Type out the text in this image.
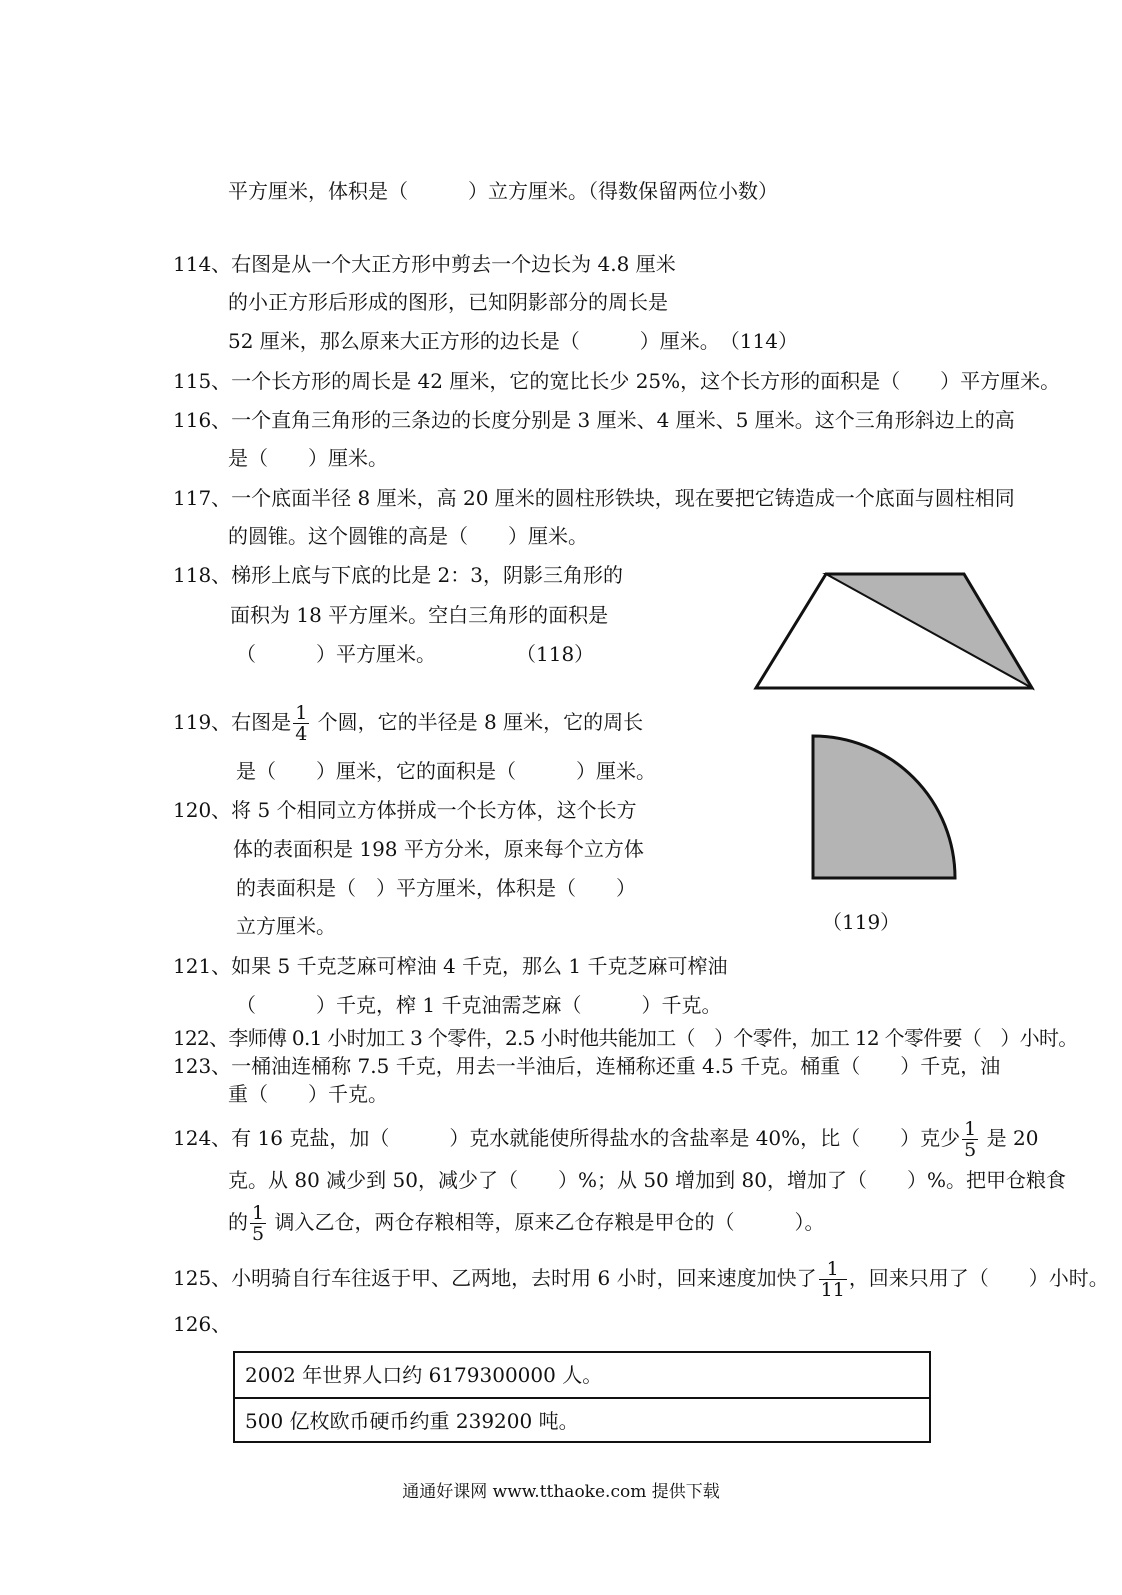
平方厘米，体积是（　　　）立方厘米。（得数保留两位小数）
114、右图是从一个大正方形中剪去一个边长为 4.8 厘米
的小正方形后形成的图形，已知阴影部分的周长是
52 厘米，那么原来大正方形的边长是（　　　）厘米。　（114）
115、一个长方形的周长是 42 厘米，它的宽比长少 25%，这个长方形的面积是（　　）平方厘米。
116、一个直角三角形的三条边的长度分别是 3 厘米、4 厘米、5 厘米。这个三角形斜边上的高
是（　　）厘米。
117、一个底面半径 8 厘米，高 20 厘米的圆柱形铁块，现在要把它铸造成一个底面与圆柱相同
的圆锥。这个圆锥的高是（　　）厘米。
118、梯形上底与下底的比是 2：3，阴影三角形的
面积为 18 平方厘米。空白三角形的面积是
（　　　）平方厘米。　　　　　（118）
119、右图是 $\frac{1}{4}$ 个圆，它的半径是 8 厘米，它的周长
是（　　）厘米，它的面积是（　　　）厘米。
120、将 5 个相同立方体拼成一个长方体，这个长方
体的表面积是 198 平方分米，原来每个立方体
的表面积是（　）平方厘米，体积是（　　）
立方厘米。	（119）
121、如果 5 千克芝麻可榨油 4 千克，那么 1 千克芝麻可榨油
（　　　）千克，榨 1 千克油需芝麻（　　　）千克。
122、李师傅 0.1 小时加工 3 个零件，2.5 小时他共能加工（　）个零件，加工 12 个零件要（　）小时。
123、一桶油连桶称 7.5 千克，用去一半油后，连桶称还重 4.5 千克。桶重（　　）千克，油
重（　　）千克。
124、有 16 克盐，加（　　　）克水就能使所得盐水的含盐率是 40%，比（　　）克少 $\frac{1}{5}$ 是 20
克。从 80 减少到 50，减少了（　　）%；从 50 增加到 80，增加了（　　）%。把甲仓粮食
的 $\frac{1}{5}$ 调入乙仓，两仓存粮相等，原来乙仓存粮是甲仓的（　　　）。
125、小明骑自行车往返于甲、乙两地，去时用 6 小时，回来速度加快了 $\frac{1}{11}$ ，回来只用了（　　）小时。
126、
2002 年世界人口约 6179300000 人。
500 亿枚欧币硬币约重 239200 吨。
通通好课网 www.tthaoke.com 提供下载
